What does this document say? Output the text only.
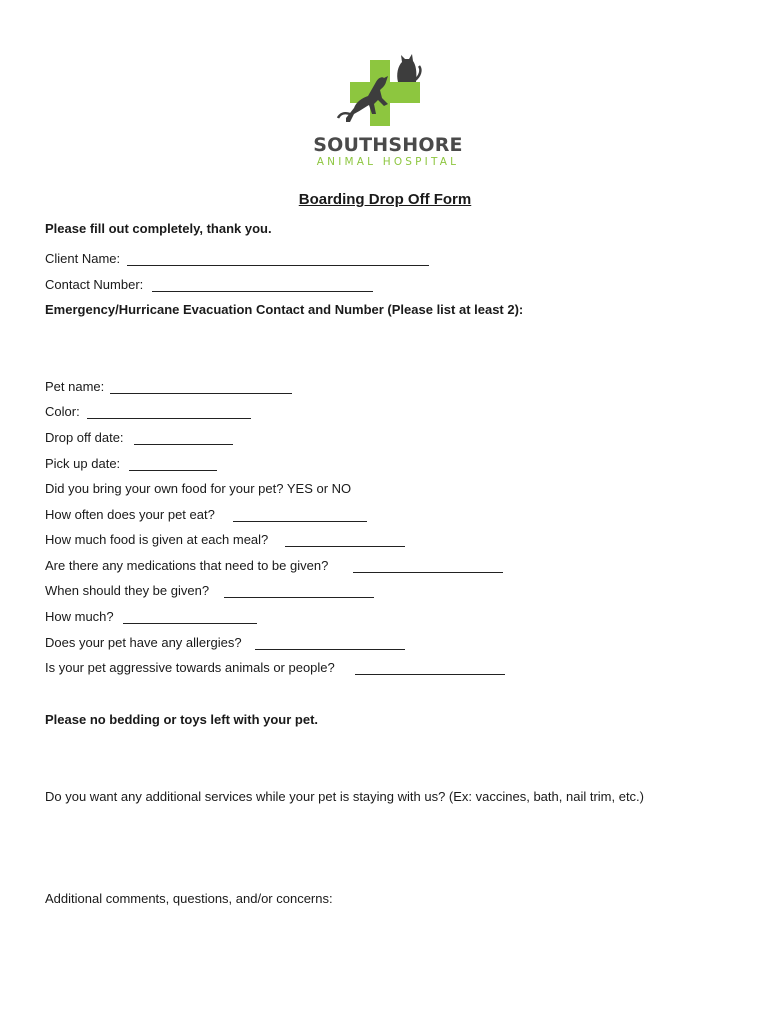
SOUTHSHORE
ANIMAL HOSPITAL
Boarding Drop Off Form
Please fill out completely, thank you.
Client Name:
Contact Number:
Emergency/Hurricane Evacuation Contact and Number (Please list at least 2):
Pet name:
Color:
Drop off date:
Pick up date:
Did you bring your own food for your pet? YES or NO
How often does your pet eat?
How much food is given at each meal?
Are there any medications that need to be given?
When should they be given?
How much?
Does your pet have any allergies?
Is your pet aggressive towards animals or people?
Please no bedding or toys left with your pet.
Do you want any additional services while your pet is staying with us? (Ex: vaccines, bath, nail trim, etc.)
Additional comments, questions, and/or concerns:
